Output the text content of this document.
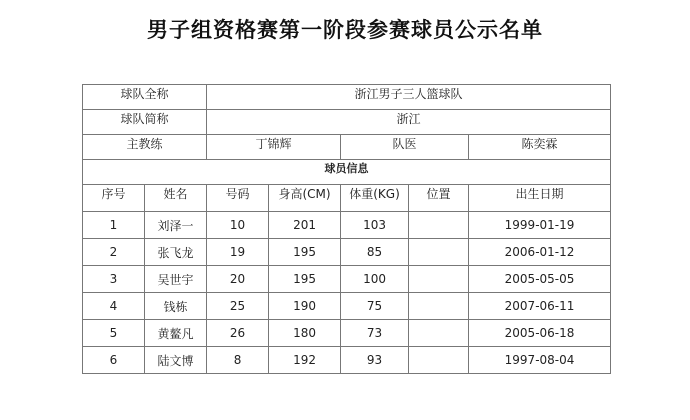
男子组资格赛第一阶段参赛球员公示名单
球队全称		浙江男子三人篮球队				
球队简称		浙江				
主教练		丁锦辉		队医		陈奕霖
球员信息						
序号	姓名	号码	身高(CM)	体重(KG)	位置	出生日期
1	刘泽一	10	201	103		1999-01-19
2	张飞龙	19	195	85		2006-01-12
3	吴世宇	20	195	100		2005-05-05
4	钱栋	25	190	75		2007-06-11
5	黄鳌凡	26	180	73		2005-06-18
6	陆文博	8	192	93		1997-08-04
